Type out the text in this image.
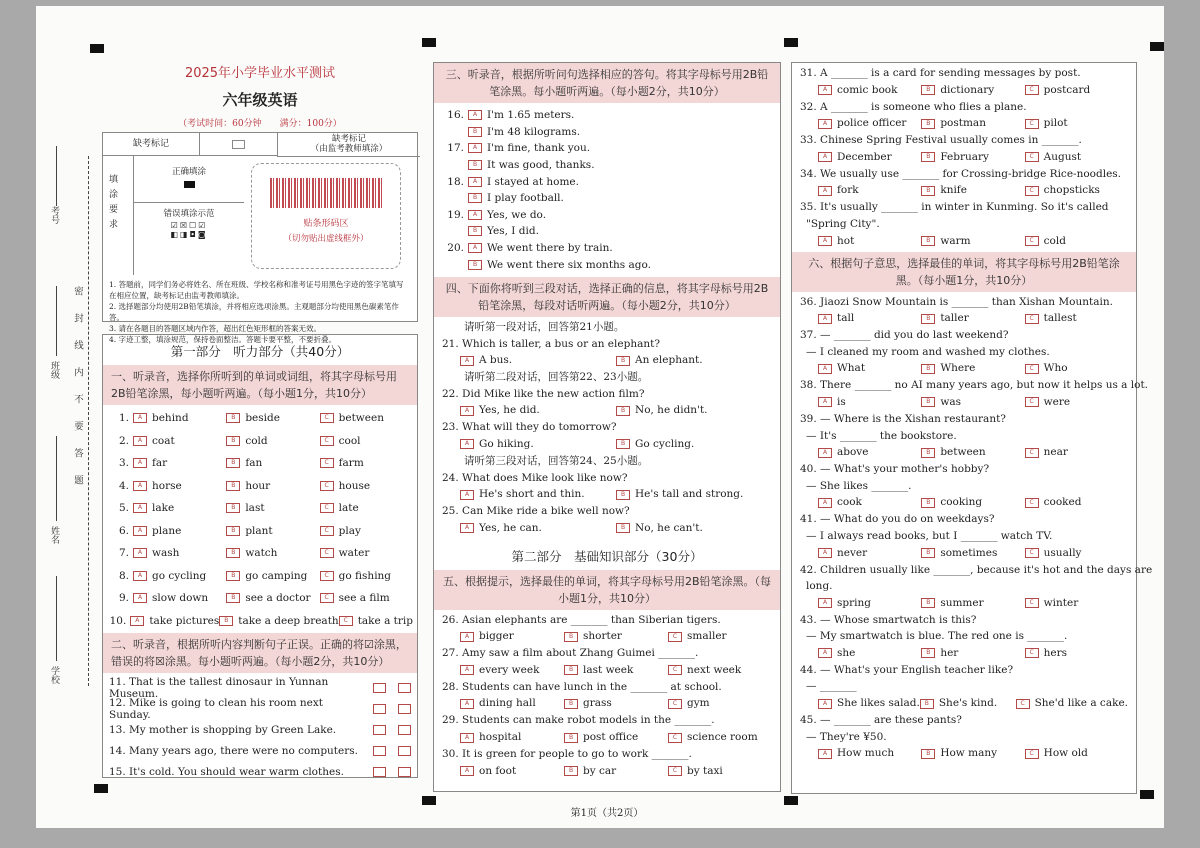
考号
班级
姓名
学校
密　封　线　内　不　要　答　题
2025年小学毕业水平测试
六年级英语
（考试时间：60分钟　　满分：100分）
缺考标记	缺考标记
（由监考教师填涂）
填
涂
要
求
正确填涂
错误填涂示范
☑☒☐☑
◧◨◘◙
贴条形码区
（切勿贴出虚线框外）
1. 答题前，同学们务必将姓名、所在班级、学校名称和准考证号用黑色字迹的签字笔填写在相应位置，缺考标记由监考教师填涂。
2. 选择题部分均使用2B铅笔填涂，并将相应选项涂黑。主观题部分均使用黑色碳素笔作答。
3. 请在各题目的答题区域内作答，超出红色矩形框的答案无效。
4. 字迹工整，填涂规范，保持卷面整洁。答题卡要平整，不要折叠。
第一部分　听力部分（共40分）
一、听录音，选择你所听到的单词或词组，将其字母标号用2B铅笔涂黑，每小题听两遍。（每小题1分，共10分）
1.	A behind	B beside	C between
2.	A coat	B cold	C cool
3.	A far	B fan	C farm
4.	A horse	B hour	C house
5.	A lake	B last	C late
6.	A plane	B plant	C play
7.	A wash	B watch	C water
8.	A go cycling	B go camping	C go fishing
9.	A slow down	B see a doctor	C see a film
10.	A take pictures B take a deep breath C take a trip
二、听录音，根据所听内容判断句子正误。正确的将☑涂黑，错误的将☒涂黑。每小题听两遍。（每小题2分，共10分）
11. That is the tallest dinosaur in Yunnan Museum.
12. Mike is going to clean his room next Sunday.
13. My mother is shopping by Green Lake.
14. Many years ago, there were no computers.
15. It's cold. You should wear warm clothes.
三、听录音，根据所听问句选择相应的答句。将其字母标号用2B铅笔涂黑。每小题听两遍。（每小题2分，共10分）
16.	A I'm 1.65 meters.
B I'm 48 kilograms.
17.	A I'm fine, thank you.
B It was good, thanks.
18.	A I stayed at home.
B I play football.
19.	A Yes, we do.
B Yes, I did.
20.	A We went there by train.
B We went there six months ago.
四、下面你将听到三段对话，选择正确的信息，将其字母标号用2B铅笔涂黑，每段对话听两遍。（每小题2分，共10分）
请听第一段对话，回答第21小题。
21. Which is taller, a bus or an elephant?
A A bus.	B An elephant.
请听第二段对话，回答第22、23小题。
22. Did Mike like the new action film?
A Yes, he did.	B No, he didn't.
23. What will they do tomorrow?
A Go hiking.	B Go cycling.
请听第三段对话，回答第24、25小题。
24. What does Mike look like now?
A He's short and thin.	B He's tall and strong.
25. Can Mike ride a bike well now?
A Yes, he can.	B No, he can't.
第二部分　基础知识部分（30分）
五、根据提示，选择最佳的单词，将其字母标号用2B铅笔涂黑。（每小题1分，共10分）
26. Asian elephants are _______ than Siberian tigers.
A bigger	B shorter	C smaller
27. Amy saw a film about Zhang Guimei _______.
A every week	B last week	C next week
28. Students can have lunch in the _______ at school.
A dining hall	B grass	C gym
29. Students can make robot models in the _______.
A hospital	B post office	C science room
30. It is green for people to go to work _______.
A on foot	B by car	C by taxi
第1页（共2页）
31. A _______ is a card for sending messages by post.
A comic book	B dictionary	C postcard
32. A _______ is someone who flies a plane.
A police officer	B postman	C pilot
33. Chinese Spring Festival usually comes in _______.
A December	B February	C August
34. We usually use _______ for Crossing-bridge Rice-noodles.
A fork	B knife	C chopsticks
35. It's usually _______ in winter in Kunming. So it's called
"Spring City".
A hot	B warm	C cold
六、根据句子意思，选择最佳的单词，将其字母标号用2B铅笔涂黑。（每小题1分，共10分）
36. Jiaozi Snow Mountain is _______ than Xishan Mountain.
A tall	B taller	C tallest
37. — _______ did you do last weekend?
— I cleaned my room and washed my clothes.
A What	B Where	C Who
38. There _______ no AI many years ago, but now it helps us a lot.
A is	B was	C were
39. — Where is the Xishan restaurant?
— It's _______ the bookstore.
A above	B between	C near
40. — What's your mother's hobby?
— She likes _______.
A cook	B cooking	C cooked
41. — What do you do on weekdays?
— I always read books, but I _______ watch TV.
A never	B sometimes	C usually
42. Children usually like _______, because it's hot and the days are
long.
A spring	B summer	C winter
43. — Whose smartwatch is this?
— My smartwatch is blue. The red one is _______.
A she	B her	C hers
44. — What's your English teacher like?
— _______
A She likes salad. B She's kind.	C She'd like a cake.
45. — _______ are these pants?
— They're ¥50.
A How much	B How many	C How old
